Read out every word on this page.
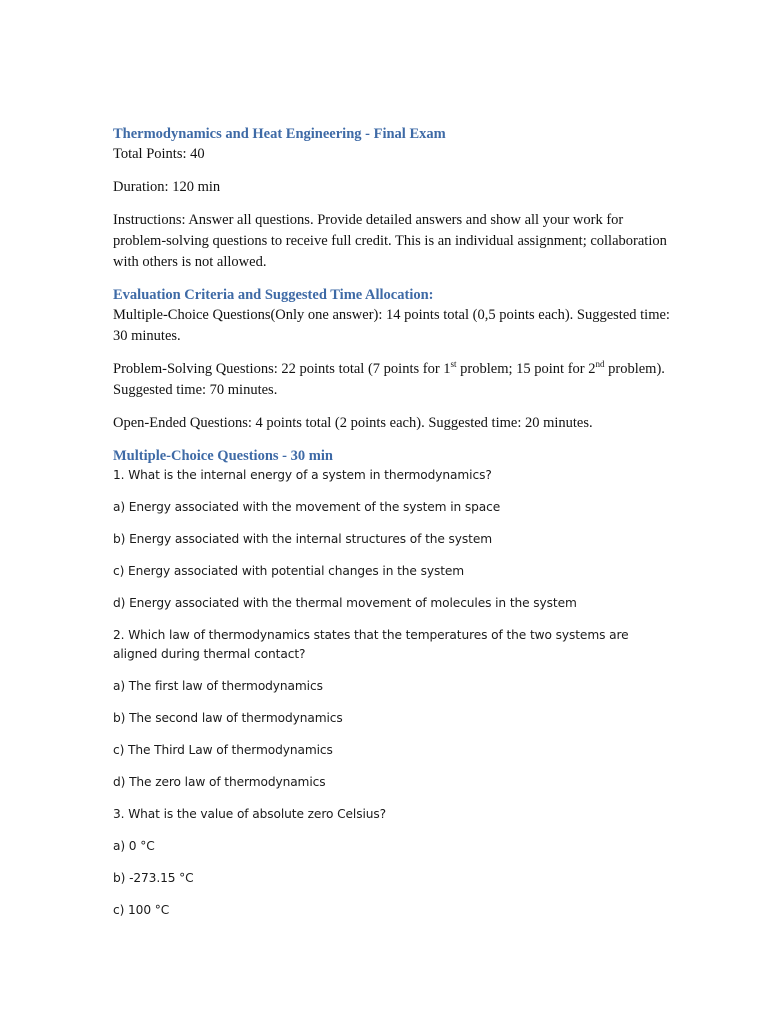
Thermodynamics and Heat Engineering - Final Exam

Total Points: 40

Duration: 120 min

Instructions: Answer all questions. Provide detailed answers and show all your work for problem-solving questions to receive full credit. This is an individual assignment; collaboration with others is not allowed.

Evaluation Criteria and Suggested Time Allocation:

Multiple-Choice Questions(Only one answer): 14 points total (0,5 points each). Suggested time: 30 minutes.

Problem-Solving Questions: 22 points total (7 points for 1st problem; 15 point for 2nd problem). Suggested time: 70 minutes.

Open-Ended Questions: 4 points total (2 points each). Suggested time: 20 minutes.

Multiple-Choice Questions - 30 min

1. What is the internal energy of a system in thermodynamics?

a) Energy associated with the movement of the system in space

b) Energy associated with the internal structures of the system

c) Energy associated with potential changes in the system

d) Energy associated with the thermal movement of molecules in the system

2. Which law of thermodynamics states that the temperatures of the two systems are aligned during thermal contact?

a) The first law of thermodynamics

b) The second law of thermodynamics

c) The Third Law of thermodynamics

d) The zero law of thermodynamics

3. What is the value of absolute zero Celsius?

a) 0 °C

b) -273.15 °C

c) 100 °C
